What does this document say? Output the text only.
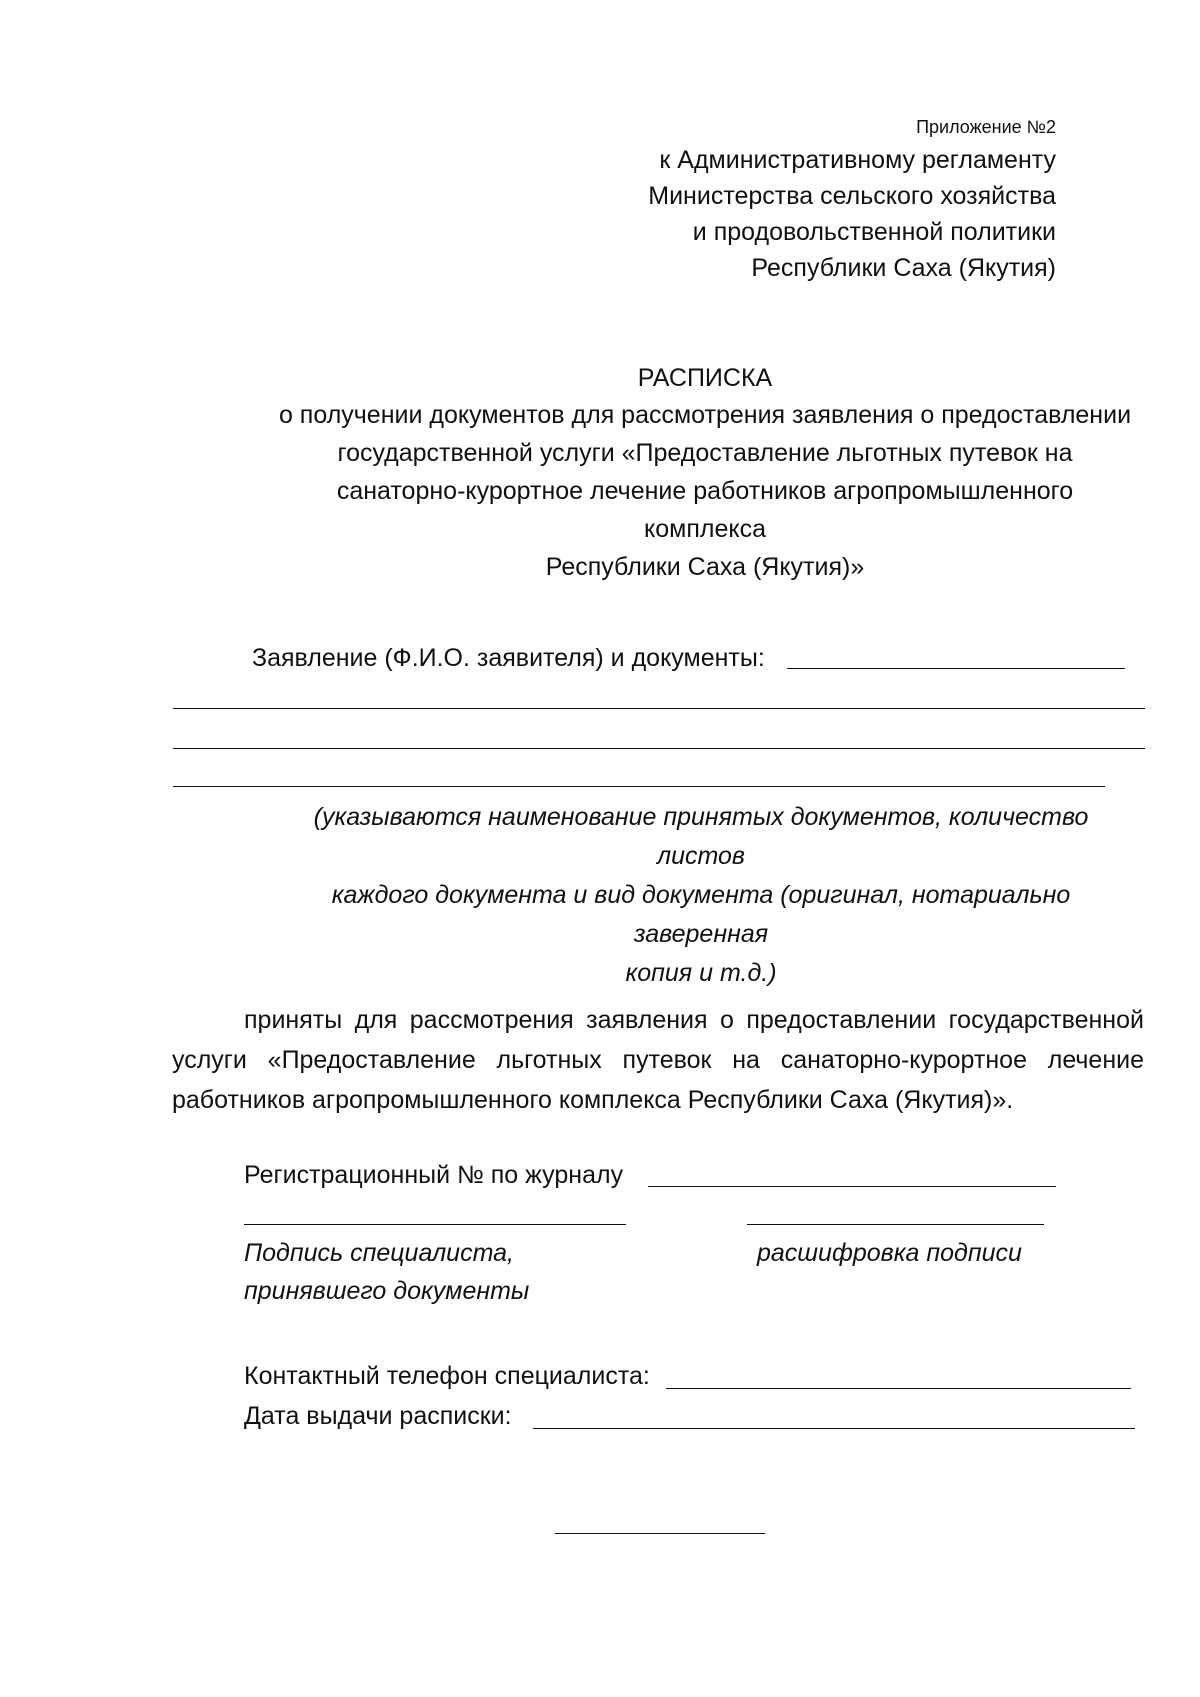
Приложение №2
к Административному регламенту
Министерства сельского хозяйства
и продовольственной политики
Республики Саха (Якутия)
РАСПИСКА
о получении документов для рассмотрения заявления о предоставлении
государственной услуги «Предоставление льготных путевок на
санаторно-курортное лечение работников агропромышленного
комплекса
Республики Саха (Якутия)»
Заявление (Ф.И.О. заявителя) и документы:
(указываются наименование принятых документов, количество
листов
каждого документа и вид документа (оригинал, нотариально
заверенная
копия и т.д.)
приняты для рассмотрения заявления о предоставлении государственной услуги «Предоставление льготных путевок на санаторно-курортное лечение работников агропромышленного комплекса Республики Саха (Якутия)».
Регистрационный № по журналу
Подпись специалиста,
принявшего документы
расшифровка подписи
Контактный телефон специалиста:
Дата выдачи расписки:
